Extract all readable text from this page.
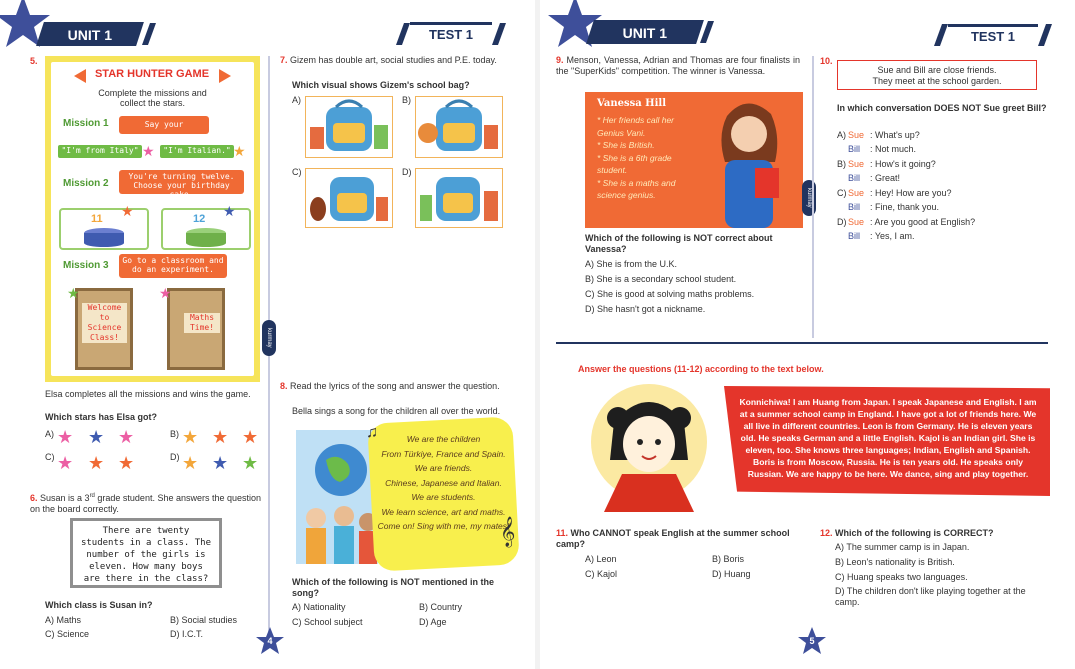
UNIT 1	TEST 1
5.
STAR HUNTER GAME
Complete the missions and collect the stars.
Mission 1	Say your nationality.
"I'm from Italy" ★	"I'm Italian." ★
Mission 2
You're turning twelve. Choose your birthday cake.
11 ★	12 ★
Mission 3	Go to a classroom and do an experiment.
Welcome to Science Class!
★
Maths Time!
★
Elsa completes all the missions and wins the game.
Which stars has Elsa got?
A) ★ ★ ★	B) ★ ★ ★
C) ★ ★ ★	D) ★ ★ ★
6. Susan is a 3rd grade student. She answers the question on the board correctly.
There are twenty students in a class. The number of the girls is eleven. How many boys are there in the class?
Which class is Susan in?
A) Maths	B) Social studies
C) Science	D) I.C.T.
kurmay
7. Gizem has double art, social studies and P.E. today.
Which visual shows Gizem's school bag?
A)	B)
C)	D)
8. Read the lyrics of the song and answer the question.
Bella sings a song for the children all over the world.
We are the children
From Türkiye, France and Spain.
We are friends.
Chinese, Japanese and Italian.
We are students.
We learn science, art and maths.
Come on! Sing with me, my mates!
♫
𝄞
Which of the following is NOT mentioned in the song?
A) Nationality	B) Country
C) School subject	D) Age
4
UNIT 1	TEST 1
9. Menson, Vanessa, Adrian and Thomas are four finalists in the "SuperKids" competition. The winner is Vanessa.
Vanessa Hill
* Her friends call her Genius Vani.
* She is British.
* She is a 6th grade student.
* She is a maths and science genius.	kurmay
Which of the following is NOT correct about Vanessa?
A) She is from the U.K.
B) She is a secondary school student.
C) She is good at solving maths problems.
D) She hasn't got a nickname.
10.
Sue and Bill are close friends.
They meet at the school garden.
In which conversation DOES NOT Sue greet Bill?
A) Sue : What's up?
Bill : Not much.
B) Sue : How's it going?
Bill : Great!
C) Sue : Hey! How are you?
Bill : Fine, thank you.
D) Sue : Are you good at English?
Bill : Yes, I am.
Answer the questions (11-12) according to the text below.
Konnichiwa! I am Huang from Japan. I speak Japanese and English. I am at a summer school camp in England. I have got a lot of friends here. We all live in different countries. Leon is from Germany. He is eleven years old. He speaks German and a little English. Kajol is an Indian girl. She is eleven, too. She knows three languages; Indian, English and Spanish. Boris is from Moscow, Russia. He is ten years old. He speaks only Russian. We are happy to be here. We dance, sing and play together.
11. Who CANNOT speak English at the summer school camp?
A) Leon	B) Boris
C) Kajol	D) Huang
12. Which of the following is CORRECT?
A) The summer camp is in Japan.
B) Leon's nationality is British.
C) Huang speaks two languages.
D) The children don't like playing together at the camp.
5
